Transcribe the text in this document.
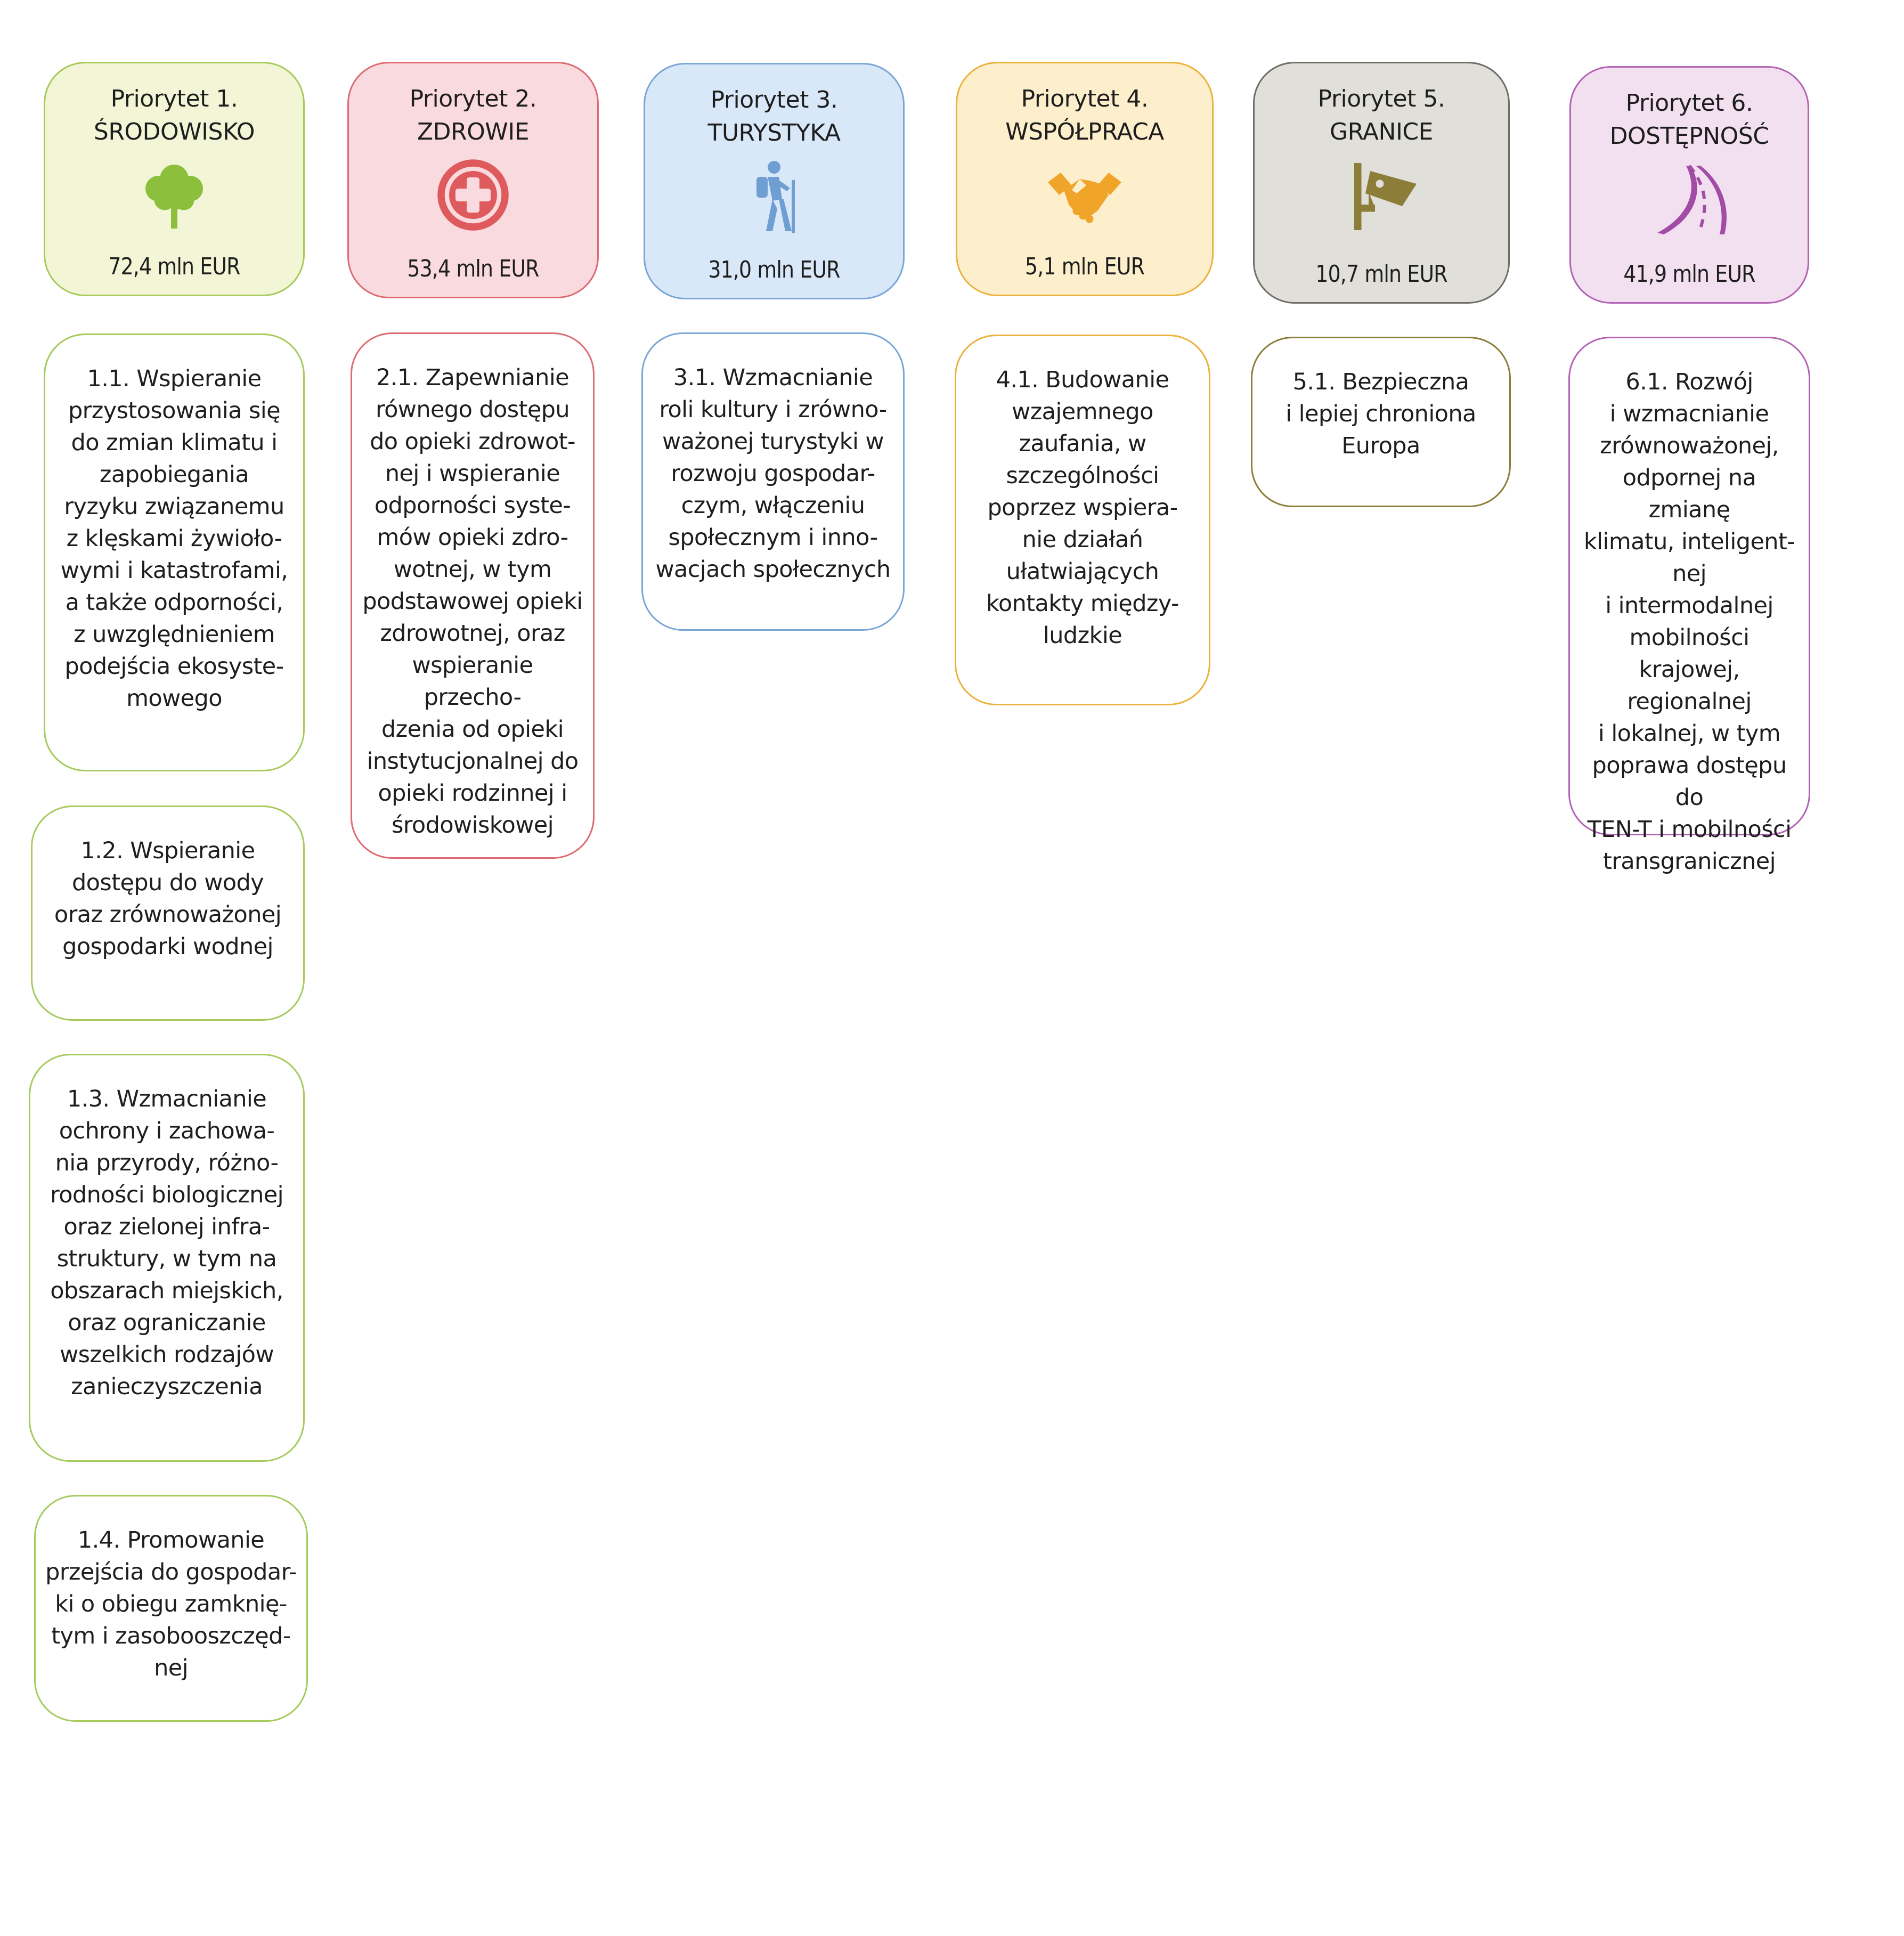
Priorytet 1.
ŚRODOWISKO
72,4 mln EUR
Priorytet 2.
ZDROWIE
53,4 mln EUR
Priorytet 3.
TURYSTYKA
31,0 mln EUR
Priorytet 4.
WSPÓŁPRACA
5,1 mln EUR
Priorytet 5.
GRANICE
10,7 mln EUR
Priorytet 6.
DOSTĘPNOŚĆ
41,9 mln EUR
1.1. Wspieranie
przystosowania się
do zmian klimatu i
zapobiegania
ryzyku związanemu
z klęskami żywioło-
wymi i katastrofami,
a także odporności,
z uwzględnieniem
podejścia ekosyste-
mowego
1.2. Wspieranie
dostępu do wody
oraz zrównoważonej
gospodarki wodnej
1.3. Wzmacnianie
ochrony i zachowa-
nia przyrody, różno-
rodności biologicznej
oraz zielonej infra-
struktury, w tym na
obszarach miejskich,
oraz ograniczanie
wszelkich rodzajów
zanieczyszczenia
1.4. Promowanie
przejścia do gospodar-
ki o obiegu zamknię-
tym i zasobooszczęd-
nej
2.1. Zapewnianie
równego dostępu
do opieki zdrowot-
nej i wspieranie
odporności syste-
mów opieki zdro-
wotnej, w tym
podstawowej opieki
zdrowotnej, oraz
wspieranie przecho-
dzenia od opieki
instytucjonalnej do
opieki rodzinnej i
środowiskowej
3.1. Wzmacnianie
roli kultury i zrówno-
ważonej turystyki w
rozwoju gospodar-
czym, włączeniu
społecznym i inno-
wacjach społecznych
4.1. Budowanie
wzajemnego
zaufania, w
szczególności
poprzez wspiera-
nie działań
ułatwiających
kontakty między-
ludzkie
5.1. Bezpieczna
i lepiej chroniona
Europa
6.1. Rozwój
i wzmacnianie
zrównoważonej,
odpornej na zmianę
klimatu, inteligent-
nej
i intermodalnej
mobilności krajowej,
regionalnej
i lokalnej, w tym
poprawa dostępu do
TEN-T i mobilności
transgranicznej
